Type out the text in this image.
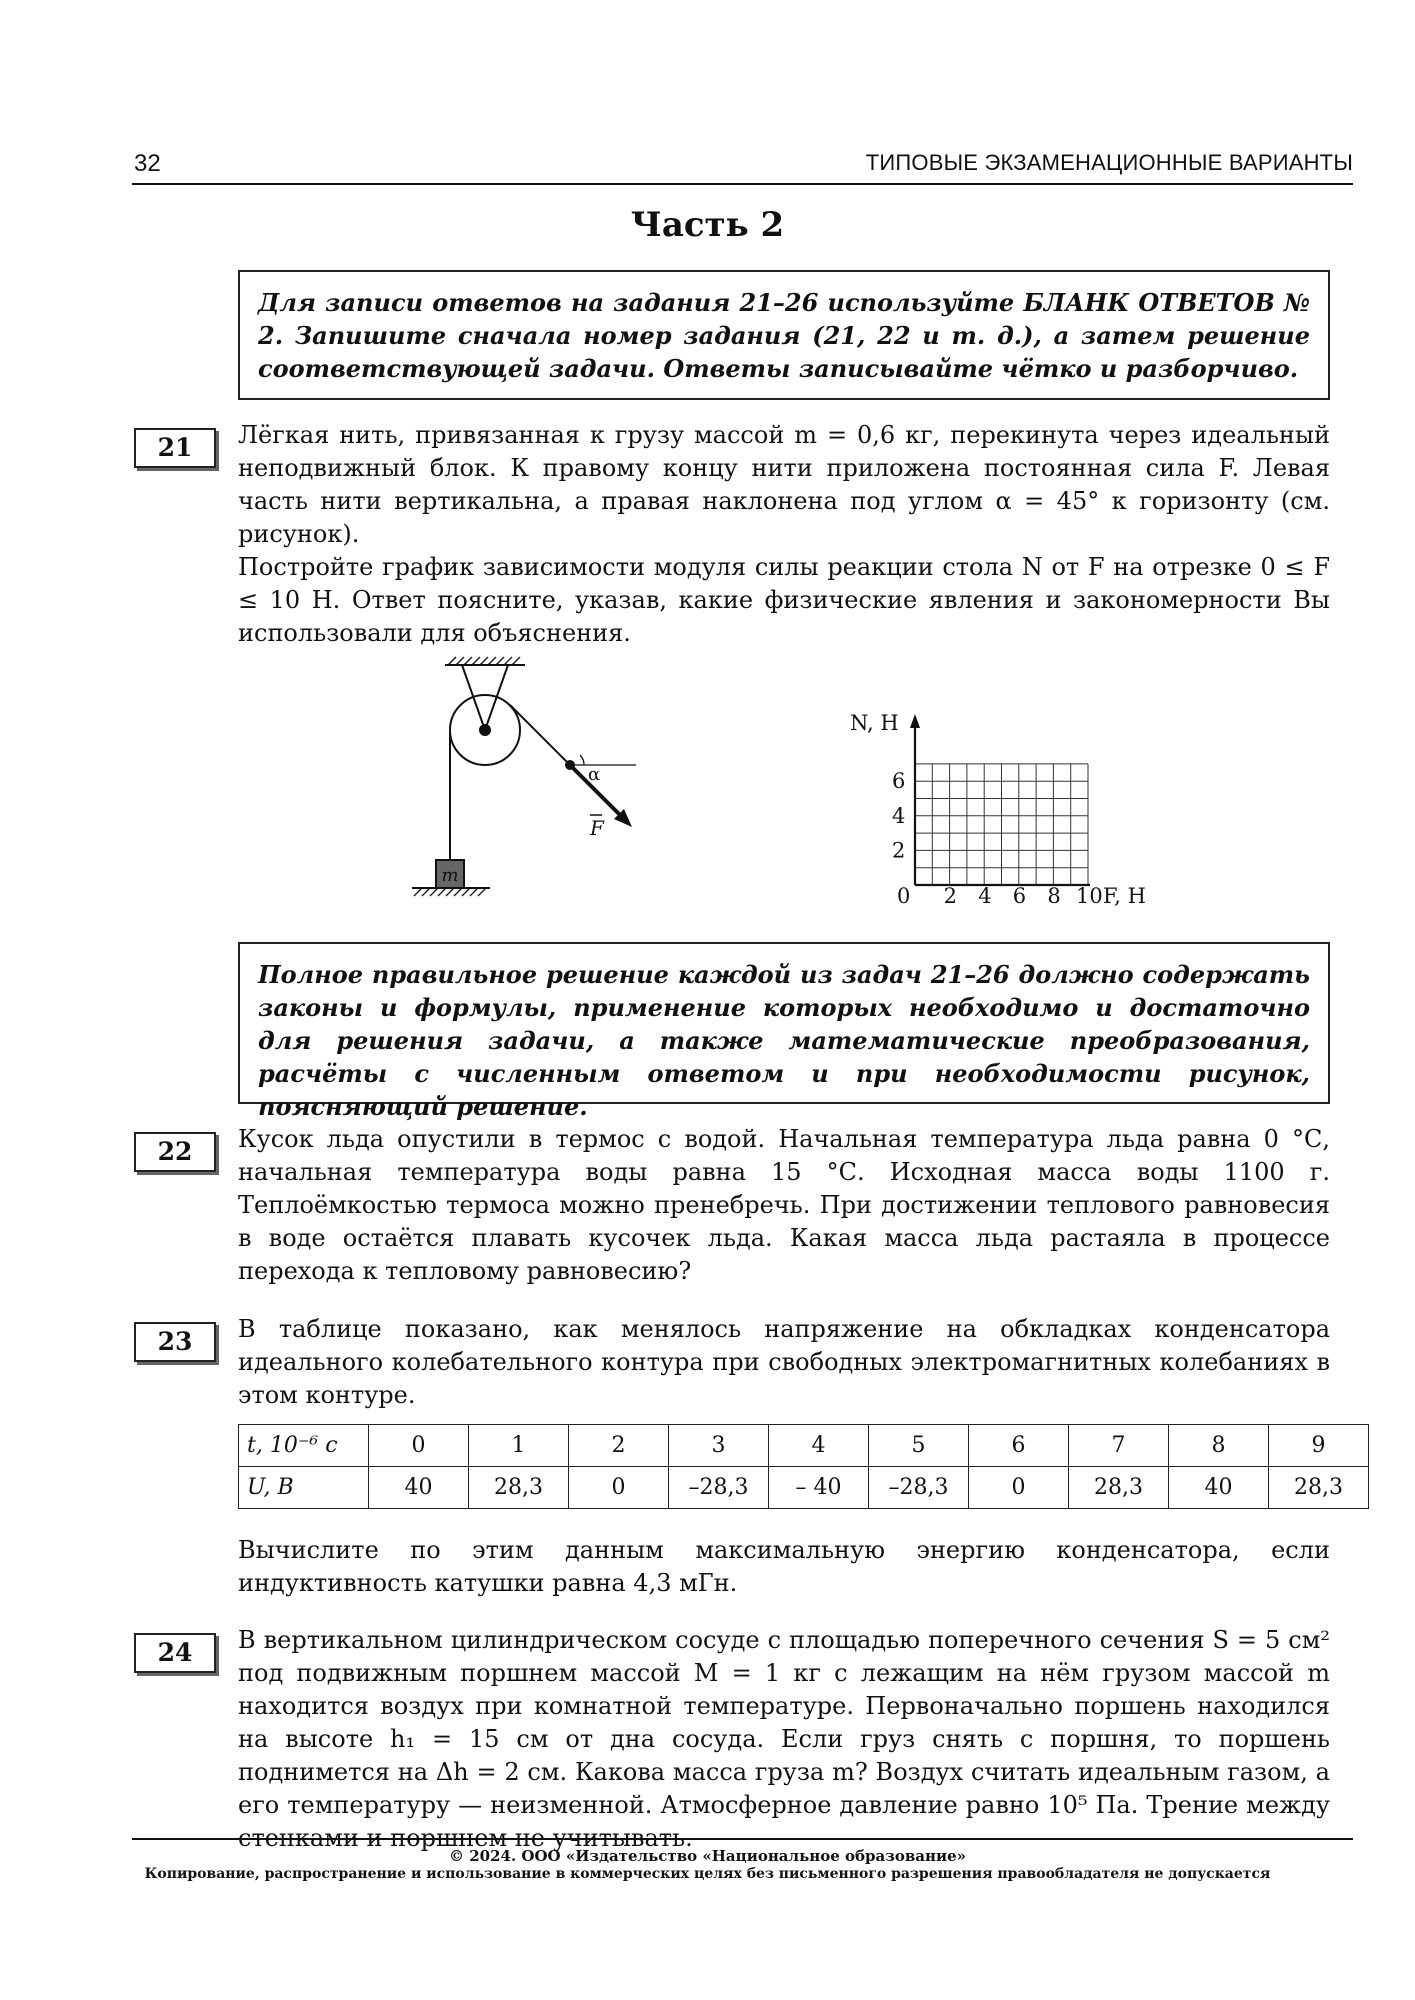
32	ТИПОВЫЕ ЭКЗАМЕНАЦИОННЫЕ ВАРИАНТЫ
Часть 2
Для записи ответов на задания 21–26 используйте БЛАНК ОТВЕТОВ № 2. Запишите сначала номер задания (21, 22 и т. д.), а затем решение соответствующей задачи. Ответы записывайте чётко и разборчиво.
21	Лёгкая нить, привязанная к грузу массой m = 0,6 кг, перекинута через идеальный неподвижный блок. К правому концу нити приложена постоянная сила F. Левая часть нити вертикальна, а правая наклонена под углом α = 45° к горизонту (см. рисунок).
Постройте график зависимости модуля силы реакции стола N от F на отрезке 0 ≤ F ≤ 10 Н. Ответ поясните, указав, какие физические явления и закономерности Вы использовали для объяснения.
m
α
F
2
4
6
2 4 6 8 10
N, Н
F, Н
0
Полное правильное решение каждой из задач 21–26 должно содержать законы и формулы, применение которых необходимо и достаточно для решения задачи, а также математические преобразования, расчёты с численным ответом и при необходимости рисунок, поясняющий решение.
22	Кусок льда опустили в термос с водой. Начальная температура льда равна 0 °С, начальная температура воды равна 15 °С. Исходная масса воды 1100 г. Теплоёмкостью термоса можно пренебречь. При достижении теплового равновесия в воде остаётся плавать кусочек льда. Какая масса льда растаяла в процессе перехода к тепловому равновесию?
23	В таблице показано, как менялось напряжение на обкладках конденсатора идеального колебательного контура при свободных электромагнитных колебаниях в этом контуре.
t, 10⁻⁶ с	0	1	2	3	4	5	6	7	8	9
U, В	40	28,3	0	–28,3	– 40	–28,3	0	28,3	40	28,3
Вычислите по этим данным максимальную энергию конденсатора, если индуктивность катушки равна 4,3 мГн.
24	В вертикальном цилиндрическом сосуде с площадью поперечного сечения S = 5 см² под подвижным поршнем массой M = 1 кг с лежащим на нём грузом массой m находится воздух при комнатной температуре. Первоначально поршень находился на высоте h₁ = 15 см от дна сосуда. Если груз снять с поршня, то поршень поднимется на Δh = 2 см. Какова масса груза m? Воздух считать идеальным газом, а его температуру — неизменной. Атмосферное давление равно 10⁵ Па. Трение между стенками и поршнем не учитывать.
© 2024. ООО «Издательство «Национальное образование»
Копирование, распространение и использование в коммерческих целях без письменного разрешения правообладателя не допускается
